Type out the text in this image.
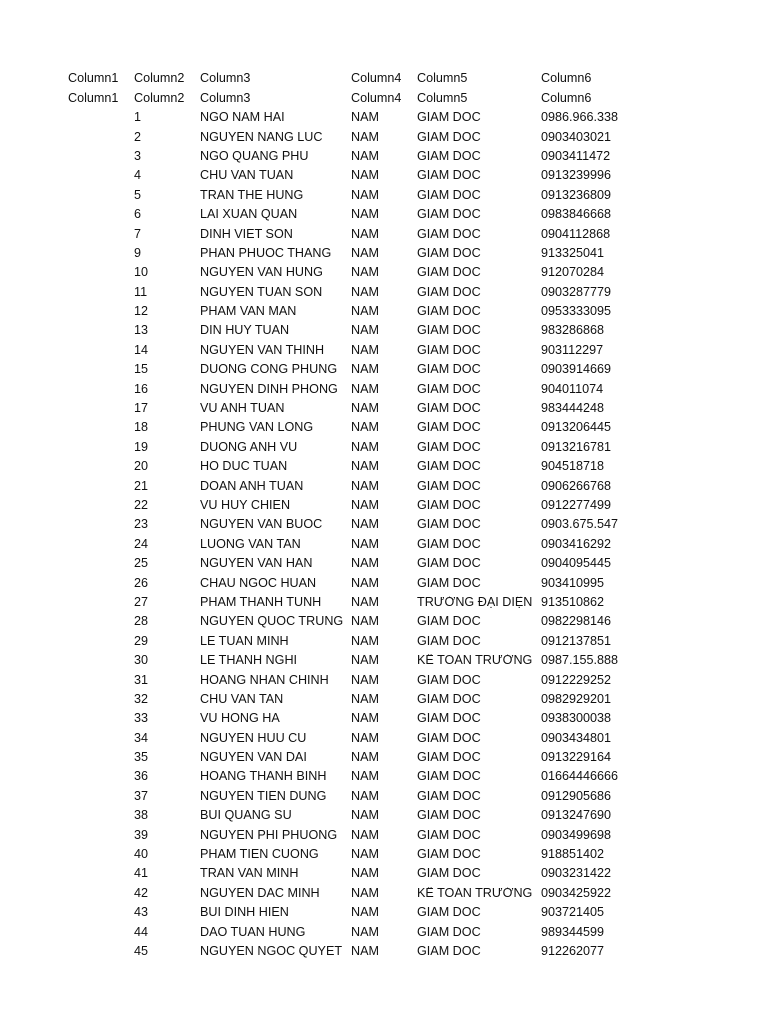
Column1	Column2	Column3	Column4	Column5	Column6
Column1	Column2	Column3	Column4	Column5	Column6
1	NGO NAM HAI	NAM	GIAM DOC	0986.966.338
2	NGUYEN NANG LUC	NAM	GIAM DOC	0903403021
3	NGO QUANG PHU	NAM	GIAM DOC	0903411472
4	CHU VAN TUAN	NAM	GIAM DOC	0913239996
5	TRAN THE HUNG	NAM	GIAM DOC	0913236809
6	LAI XUAN QUAN	NAM	GIAM DOC	0983846668
7	DINH VIET SON	NAM	GIAM DOC	0904112868
9	PHAN PHUOC THANG	NAM	GIAM DOC	913325041
10	NGUYEN VAN HUNG	NAM	GIAM DOC	912070284
11	NGUYEN TUAN SON	NAM	GIAM DOC	0903287779
12	PHAM VAN MAN	NAM	GIAM DOC	0953333095
13	DIN HUY TUAN	NAM	GIAM DOC	983286868
14	NGUYEN VAN THINH	NAM	GIAM DOC	903112297
15	DUONG CONG PHUNG	NAM	GIAM DOC	0903914669
16	NGUYEN DINH PHONG	NAM	GIAM DOC	904011074
17	VU ANH TUAN	NAM	GIAM DOC	983444248
18	PHUNG VAN LONG	NAM	GIAM DOC	0913206445
19	DUONG ANH VU	NAM	GIAM DOC	0913216781
20	HO DUC TUAN	NAM	GIAM DOC	904518718
21	DOAN ANH TUAN	NAM	GIAM DOC	0906266768
22	VU HUY CHIEN	NAM	GIAM DOC	0912277499
23	NGUYEN VAN BUOC	NAM	GIAM DOC	0903.675.547
24	LUONG VAN TAN	NAM	GIAM DOC	0903416292
25	NGUYEN VAN HAN	NAM	GIAM DOC	0904095445
26	CHAU NGOC HUAN	NAM	GIAM DOC	903410995
27	PHAM THANH TUNH	NAM	TRƯỞNG ĐẠI DIỆN 913510862
28	NGUYEN QUOC TRUNG NAM	GIAM DOC	0982298146
29	LE TUAN MINH	NAM	GIAM DOC	0912137851
30	LE THANH NGHI	NAM	KẾ TOÁN TRƯỞNG 0987.155.888
31	HOANG NHAN CHINH	NAM	GIAM DOC	0912229252
32	CHU VAN TAN	NAM	GIAM DOC	0982929201
33	VU HONG HA	NAM	GIAM DOC	0938300038
34	NGUYEN HUU CU	NAM	GIAM DOC	0903434801
35	NGUYEN VAN DAI	NAM	GIAM DOC	0913229164
36	HOANG THANH BINH	NAM	GIAM DOC	01664446666
37	NGUYEN TIEN DUNG	NAM	GIAM DOC	0912905686
38	BUI QUANG SU	NAM	GIAM DOC	0913247690
39	NGUYEN PHI PHUONG	NAM	GIAM DOC	0903499698
40	PHAM TIEN CUONG	NAM	GIAM DOC	918851402
41	TRAN VAN MINH	NAM	GIAM DOC	0903231422
42	NGUYEN DAC MINH	NAM	KẾ TOÁN TRƯỞNG 0903425922
43	BUI DINH HIEN	NAM	GIAM DOC	903721405
44	DAO TUAN HUNG	NAM	GIAM DOC	989344599
45	NGUYEN NGOC QUYET NAM	GIAM DOC	912262077
